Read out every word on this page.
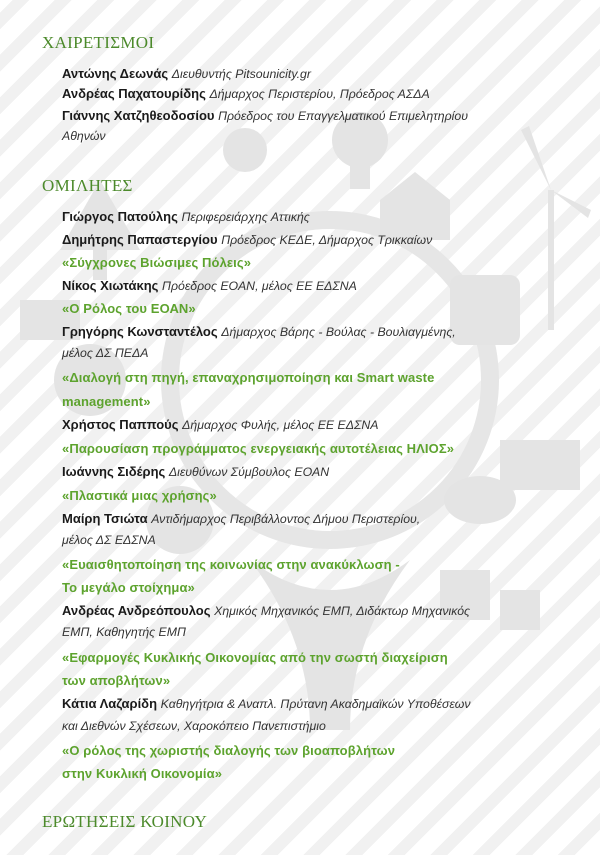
ΧΑΙΡΕΤΙΣΜΟΙ
Αντώνης Δεωνάς Διευθυντής Pitsounicity.gr
Ανδρέας Παχατουρίδης Δήμαρχος Περιστερίου, Πρόεδρος ΑΣΔΑ
Γιάννης Χατζηθεοδοσίου Πρόεδρος του Επαγγελματικού Επιμελητηρίου
Αθηνών
ΟΜΙΛΗΤΕΣ
Γιώργος Πατούλης Περιφερειάρχης Αττικής
Δημήτρης Παπαστεργίου Πρόεδρος ΚΕΔΕ, Δήμαρχος Τρικκαίων
«Σύγχρονες Βιώσιμες Πόλεις»
Νίκος Χιωτάκης Πρόεδρος ΕΟΑΝ, μέλος ΕΕ ΕΔΣΝΑ
«Ο Ρόλος του ΕΟΑΝ»
Γρηγόρης Κωνσταντέλος Δήμαρχος Βάρης - Βούλας - Βουλιαγμένης,
μέλος ΔΣ ΠΕΔΑ
«Διαλογή στη πηγή, επαναχρησιμοποίηση και Smart waste
management»
Χρήστος Παππούς Δήμαρχος Φυλής, μέλος ΕΕ ΕΔΣΝΑ
«Παρουσίαση προγράμματος ενεργειακής αυτοτέλειας ΗΛΙΟΣ»
Ιωάννης Σιδέρης Διευθύνων Σύμβουλος ΕΟΑΝ
«Πλαστικά μιας χρήσης»
Μαίρη Τσιώτα Αντιδήμαρχος Περιβάλλοντος Δήμου Περιστερίου,
μέλος ΔΣ ΕΔΣΝΑ
«Ευαισθητοποίηση της κοινωνίας στην ανακύκλωση -
Το μεγάλο στοίχημα»
Ανδρέας Ανδρεόπουλος Χημικός Μηχανικός ΕΜΠ, Διδάκτωρ Μηχανικός
ΕΜΠ, Καθηγητής ΕΜΠ
«Εφαρμογές Κυκλικής Οικονομίας από την σωστή διαχείριση
των αποβλήτων»
Κάτια Λαζαρίδη Καθηγήτρια & Αναπλ. Πρύτανη Ακαδημαϊκών Υποθέσεων
και Διεθνών Σχέσεων, Χαροκόπειο Πανεπιστήμιο
«Ο ρόλος της χωριστής διαλογής των βιοαποβλήτων
στην Κυκλική Οικονομία»
ΕΡΩΤΗΣΕΙΣ ΚΟΙΝΟΥ
